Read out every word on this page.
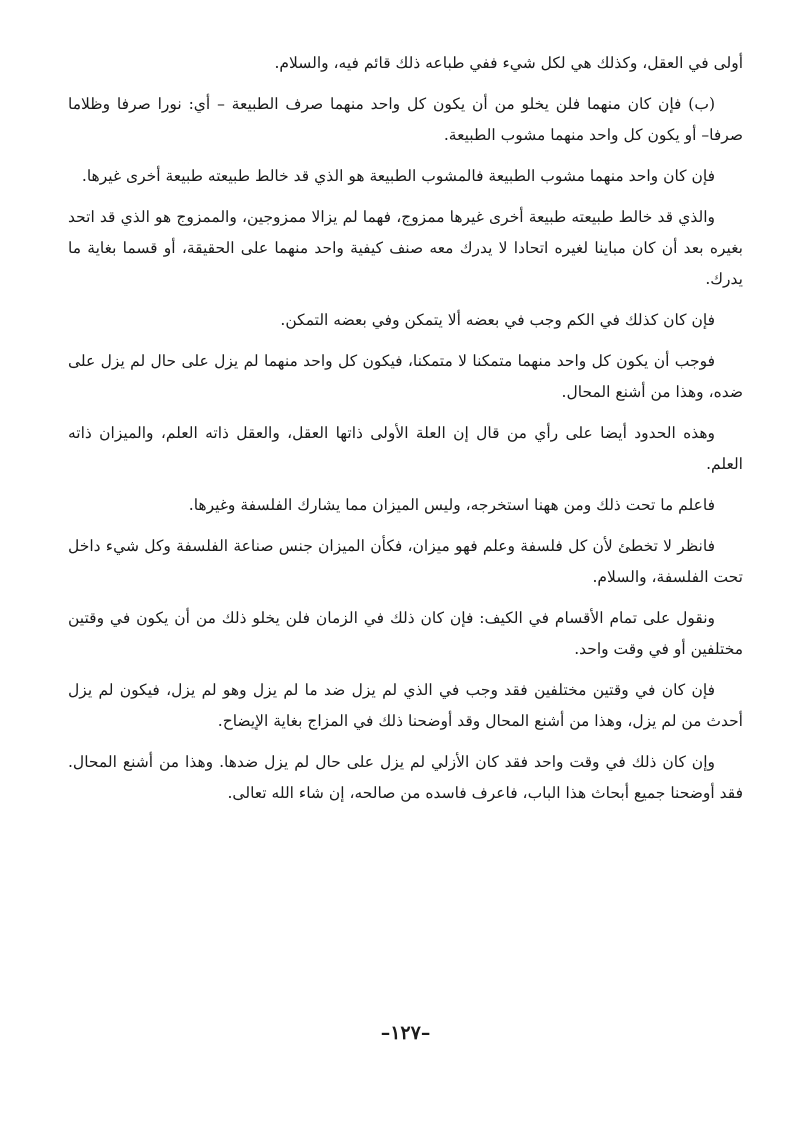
أولى في العقل، وكذلك هي لكل شيء ففي طباعه ذلك قائم فيه، والسلام.

(ب) فإن كان منهما فلن يخلو من أن يكون كل واحد منهما صرف الطبيعة – أي: نورا صرفا وظلاما صرفا– أو يكون كل واحد منهما مشوب الطبيعة.

فإن كان واحد منهما مشوب الطبيعة فالمشوب الطبيعة هو الذي قد خالط طبيعته طبيعة أخرى غيرها.

والذي قد خالط طبيعته طبيعة أخرى غيرها ممزوج، فهما لم يزالا ممزوجين، والممزوج هو الذي قد اتحد بغيره بعد أن كان مباينا لغيره اتحادا لا يدرك معه صنف كيفية واحد منهما على الحقيقة، أو قسما بغاية ما يدرك.

فإن كان كذلك في الكم وجب في بعضه ألا يتمكن وفي بعضه التمكن.

فوجب أن يكون كل واحد منهما متمكنا لا متمكنا، فيكون كل واحد منهما لم يزل على حال لم يزل على ضده، وهذا من أشنع المحال.

وهذه الحدود أيضا على رأي من قال إن العلة الأولى ذاتها العقل، والعقل ذاته العلم، والميزان ذاته العلم.

فاعلم ما تحت ذلك ومن ههنا استخرجه، وليس الميزان مما يشارك الفلسفة وغيرها.

فانظر لا تخطئ لأن كل فلسفة وعلم فهو ميزان، فكأن الميزان جنس صناعة الفلسفة وكل شيء داخل تحت الفلسفة، والسلام.

ونقول على تمام الأقسام في الكيف: فإن كان ذلك في الزمان فلن يخلو ذلك من أن يكون في وقتين مختلفين أو في وقت واحد.

فإن كان في وقتين مختلفين فقد وجب في الذي لم يزل ضد ما لم يزل وهو لم يزل، فيكون لم يزل أحدث من لم يزل، وهذا من أشنع المحال وقد أوضحنا ذلك في المزاج بغاية الإيضاح.

وإن كان ذلك في وقت واحد فقد كان الأزلي لم يزل على حال لم يزل ضدها. وهذا من أشنع المحال. فقد أوضحنا جميع أبحاث هذا الباب، فاعرف فاسده من صالحه، إن شاء الله تعالى.

–١٢٧–
